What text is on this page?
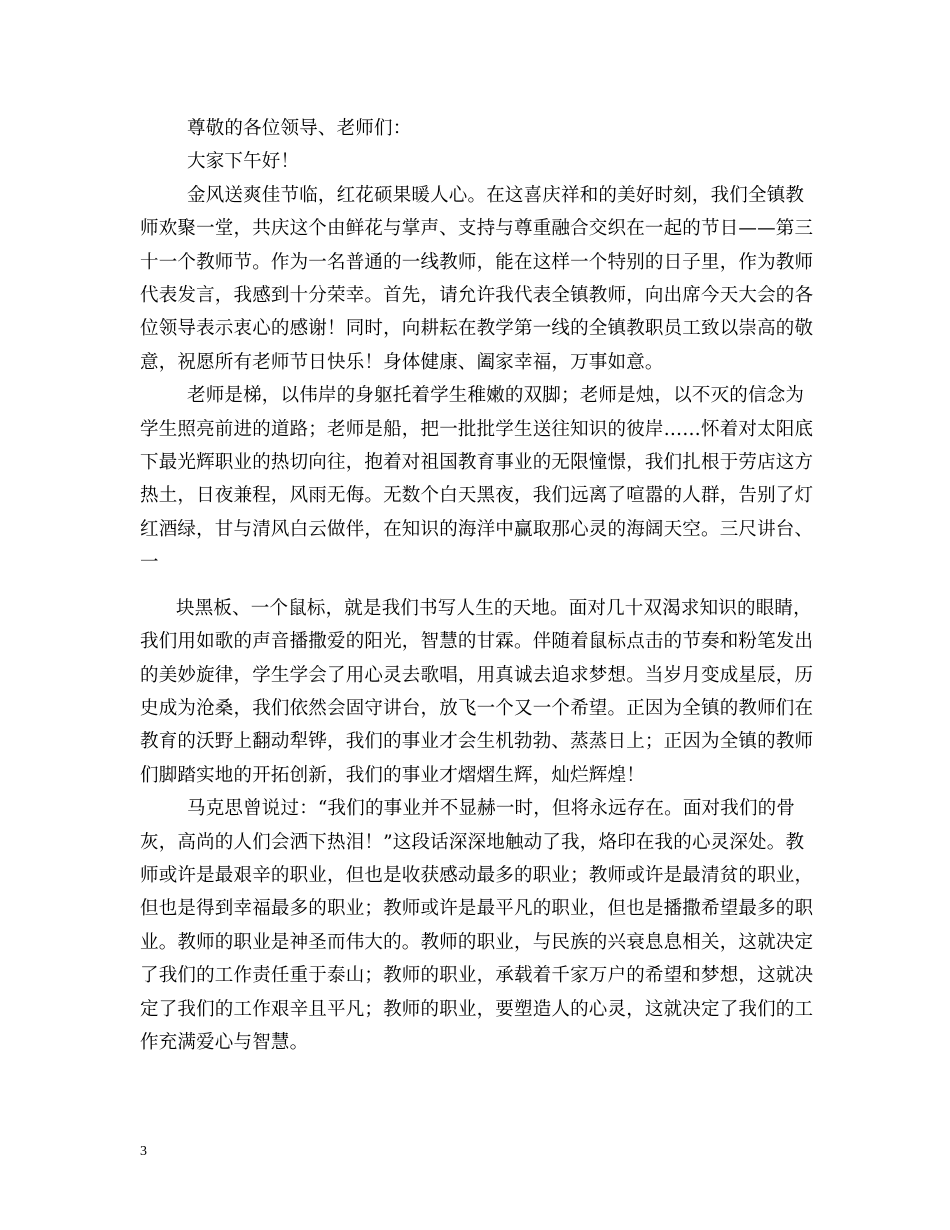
尊敬的各位领导、老师们：
大家下午好！
金风送爽佳节临，红花硕果暖人心。在这喜庆祥和的美好时刻，我们全镇教
师欢聚一堂，共庆这个由鲜花与掌声、支持与尊重融合交织在一起的节日——第三
十一个教师节。作为一名普通的一线教师，能在这样一个特别的日子里，作为教师
代表发言，我感到十分荣幸。首先，请允许我代表全镇教师，向出席今天大会的各
位领导表示衷心的感谢！同时，向耕耘在教学第一线的全镇教职员工致以崇高的敬
意，祝愿所有老师节日快乐！身体健康、阖家幸福，万事如意。
老师是梯，以伟岸的身躯托着学生稚嫩的双脚；老师是烛，以不灭的信念为
学生照亮前进的道路；老师是船，把一批批学生送往知识的彼岸……怀着对太阳底
下最光辉职业的热切向往，抱着对祖国教育事业的无限憧憬，我们扎根于劳店这方
热土，日夜兼程，风雨无侮。无数个白天黑夜，我们远离了喧嚣的人群，告别了灯
红酒绿，甘与清风白云做伴，在知识的海洋中赢取那心灵的海阔天空。三尺讲台、
一
块黑板、一个鼠标，就是我们书写人生的天地。面对几十双渴求知识的眼睛，
我们用如歌的声音播撒爱的阳光，智慧的甘霖。伴随着鼠标点击的节奏和粉笔发出
的美妙旋律，学生学会了用心灵去歌唱，用真诚去追求梦想。当岁月变成星辰，历
史成为沧桑，我们依然会固守讲台，放飞一个又一个希望。正因为全镇的教师们在
教育的沃野上翻动犁铧，我们的事业才会生机勃勃、蒸蒸日上；正因为全镇的教师
们脚踏实地的开拓创新，我们的事业才熠熠生辉，灿烂辉煌！
马克思曾说过：“我们的事业并不显赫一时，但将永远存在。面对我们的骨
灰，高尚的人们会洒下热泪！”这段话深深地触动了我，烙印在我的心灵深处。教
师或许是最艰辛的职业，但也是收获感动最多的职业；教师或许是最清贫的职业，
但也是得到幸福最多的职业；教师或许是最平凡的职业，但也是播撒希望最多的职
业。教师的职业是神圣而伟大的。教师的职业，与民族的兴衰息息相关，这就决定
了我们的工作责任重于泰山；教师的职业，承载着千家万户的希望和梦想，这就决
定了我们的工作艰辛且平凡；教师的职业，要塑造人的心灵，这就决定了我们的工
作充满爱心与智慧。
3
